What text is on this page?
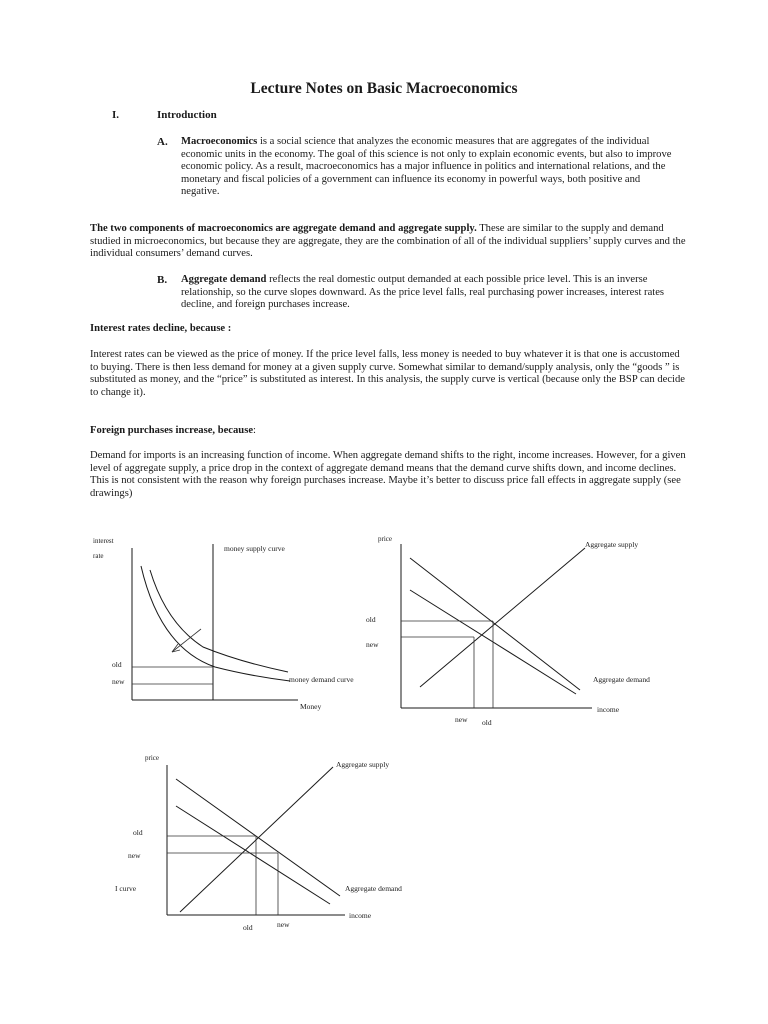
Lecture Notes on Basic Macroeconomics
I.	Introduction
A. Macroeconomics is a social science that analyzes the economic measures that are aggregates of the individual economic units in the economy. The goal of this science is not only to explain economic events, but also to improve economic policy. As a result, macroeconomics has a major influence in politics and international relations, and the monetary and fiscal policies of a government can influence its economy in powerful ways, both positive and negative.
The two components of macroeconomics are aggregate demand and aggregate supply. These are similar to the supply and demand studied in microeconomics, but because they are aggregate, they are the combination of all of the individual suppliers’ supply curves and the individual consumers’ demand curves.
B. Aggregate demand reflects the real domestic output demanded at each possible price level. This is an inverse relationship, so the curve slopes downward. As the price level falls, real purchasing power increases, interest rates decline, and foreign purchases increase.
Interest rates decline, because :
Interest rates can be viewed as the price of money. If the price level falls, less money is needed to buy whatever it is that one is accustomed to buying. There is then less demand for money at a given supply curve. Somewhat similar to demand/supply analysis, only the “goods ” is substituted as money, and the “price” is substituted as interest. In this analysis, the supply curve is vertical (because only the BSP can decide to change it).
Foreign purchases increase, because:
Demand for imports is an increasing function of income. When aggregate demand shifts to the right, income increases. However, for a given level of aggregate supply, a price drop in the context of aggregate demand means that the demand curve shifts down, and income declines. This is not consistent with the reason why foreign purchases increase. Maybe it’s better to discuss price fall effects in aggregate supply (see drawings)
interest
rate
money supply curve
money demand curve
Money
old
new
price
Aggregate supply
Aggregate demand
income
old
new
new old
price
Aggregate supply
Aggregate demand
income
old
new
I curve
old	new
